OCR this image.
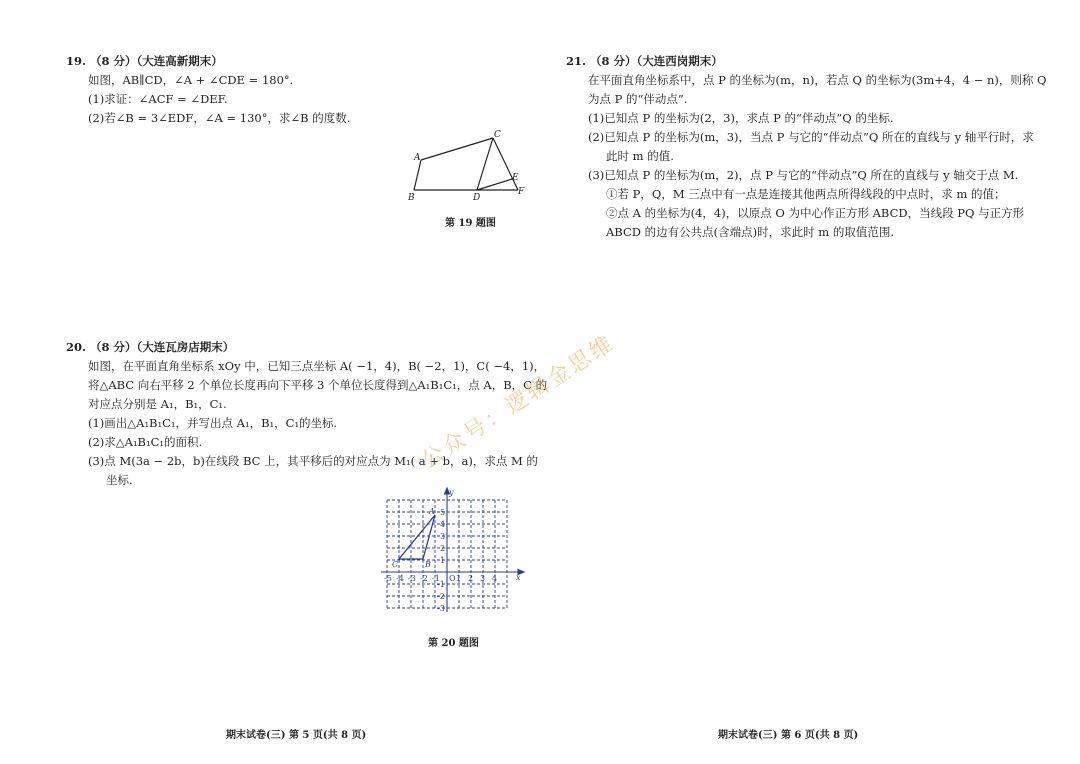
19. （8 分）（大连高新期末）

如图，AB∥CD，∠A + ∠CDE = 180°.

(1)求证：∠ACF = ∠DEF.

(2)若∠B = 3∠EDF，∠A = 130°，求∠B 的度数.

A
B
C
D
E
F
第 19 题图

20. （8 分）（大连瓦房店期末）

如图，在平面直角坐标系 xOy 中，已知三点坐标 A( −1，4)，B( −2，1)，C( −4，1)，

将△ABC 向右平移 2 个单位长度再向下平移 3 个单位长度得到△A₁B₁C₁，点 A，B，C 的

对应点分别是 A₁，B₁，C₁.

(1)画出△A₁B₁C₁，并写出点 A₁，B₁，C₁的坐标.

(2)求△A₁B₁C₁的面积.

(3)点 M(3a − 2b，b)在线段 BC 上，其平移后的对应点为 M₁( a + b，a)，求点 M 的

坐标.

-5 -4 -3 -2 -1 O 1 2 3 4
5
4
3
2
1
-1
-2
-3
x
y
A
B
C
第 20 题图

21. （8 分）（大连西岗期末）

在平面直角坐标系中，点 P 的坐标为(m，n)，若点 Q 的坐标为(3m+4，4 − n)，则称 Q

为点 P 的“伴动点”.

(1)已知点 P 的坐标为(2，3)，求点 P 的“伴动点”Q 的坐标.

(2)已知点 P 的坐标为(m，3)，当点 P 与它的“伴动点”Q 所在的直线与 y 轴平行时，求

此时 m 的值.

(3)已知点 P 的坐标为(m，2)，点 P 与它的“伴动点”Q 所在的直线与 y 轴交于点 M.

①若 P，Q，M 三点中有一点是连接其他两点所得线段的中点时，求 m 的值；

②点 A 的坐标为(4，4)，以原点 O 为中心作正方形 ABCD，当线段 PQ 与正方形

ABCD 的边有公共点(含端点)时，求此时 m 的取值范围.

公众号：逻辑金思维
期末试卷(三) 第 5 页(共 8 页)	期末试卷(三) 第 6 页(共 8 页)
